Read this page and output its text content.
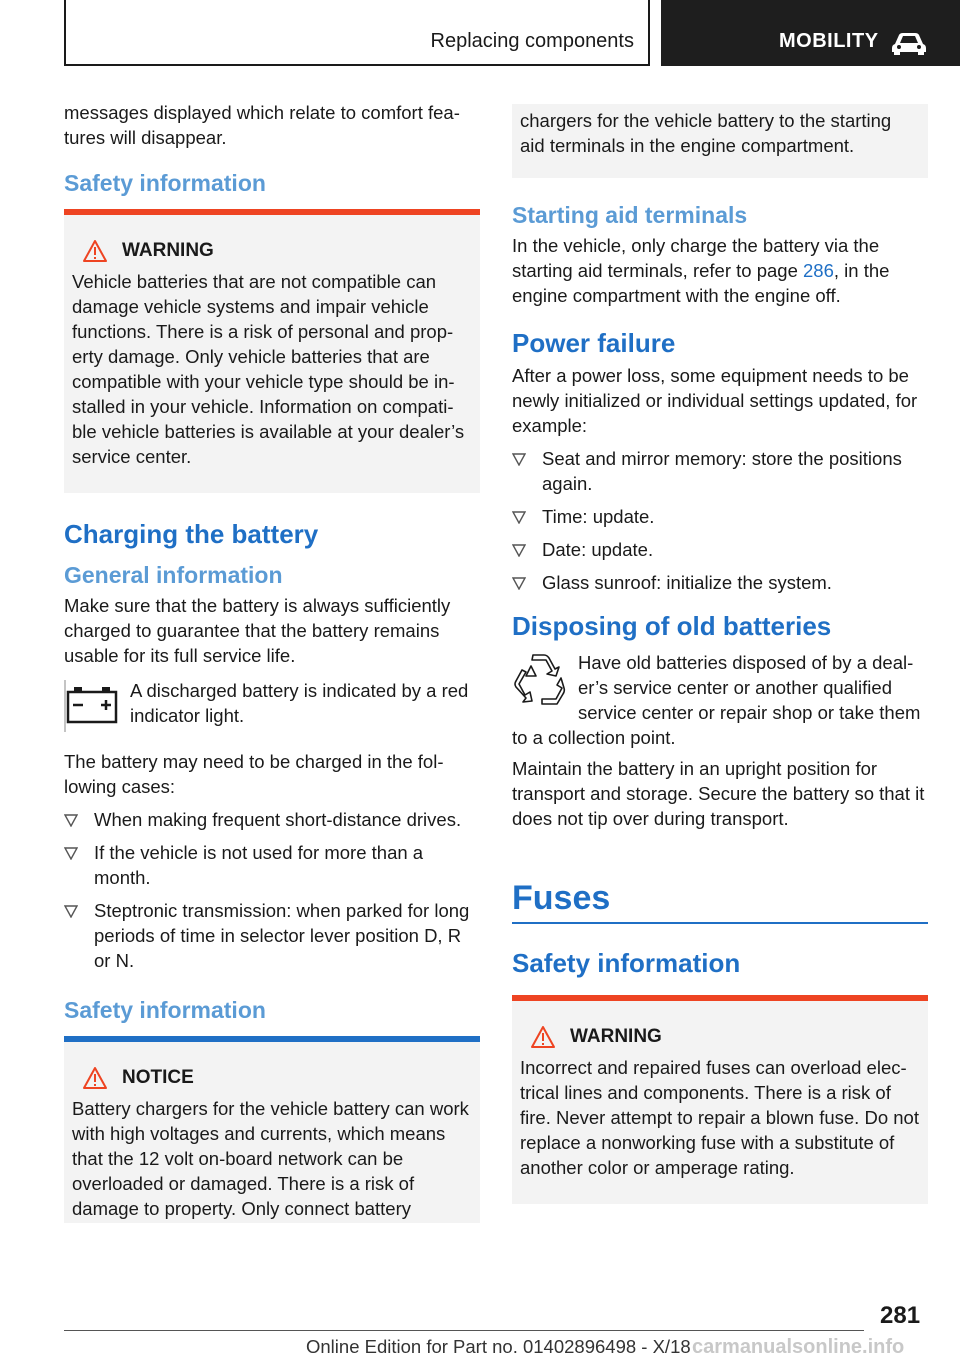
Replacing components	MOBILITY

messages displayed which relate to comfort fea-tures will disappear.

Safety information
WARNING

Vehicle batteries that are not compatible can damage vehicle systems and impair vehicle functions. There is a risk of personal and prop-erty damage. Only vehicle batteries that are compatible with your vehicle type should be in-stalled in your vehicle. Information on compati-ble vehicle batteries is available at your dealer’s service center.

Charging the battery
General information

Make sure that the battery is always sufficiently charged to guarantee that the battery remains usable for its full service life.

A discharged battery is indicated by a red indicator light.

The battery may need to be charged in the fol-lowing cases:

When making frequent short-distance drives.
If the vehicle is not used for more than a month.
Steptronic transmission: when parked for long periods of time in selector lever position D, R or N.
Safety information
NOTICE

Battery chargers for the vehicle battery can work with high voltages and currents, which means that the 12 volt on-board network can be overloaded or damaged. There is a risk of damage to property. Only connect battery

chargers for the vehicle battery to the starting aid terminals in the engine compartment.

Starting aid terminals

In the vehicle, only charge the battery via the starting aid terminals, refer to page 286, in the engine compartment with the engine off.

Power failure

After a power loss, some equipment needs to be newly initialized or individual settings updated, for example:

Seat and mirror memory: store the positions again.
Time: update.
Date: update.
Glass sunroof: initialize the system.
Disposing of old batteries

Have old batteries disposed of by a deal-er’s service center or another qualified service center or repair shop or take them to a collection point.

Maintain the battery in an upright position for transport and storage. Secure the battery so that it does not tip over during transport.

Fuses
Safety information
WARNING

Incorrect and repaired fuses can overload elec-trical lines and components. There is a risk of fire. Never attempt to repair a blown fuse. Do not replace a nonworking fuse with a substitute of another color or amperage rating.

281
Online Edition for Part no. 01402896498 - X/18 carmanualsonline.info
